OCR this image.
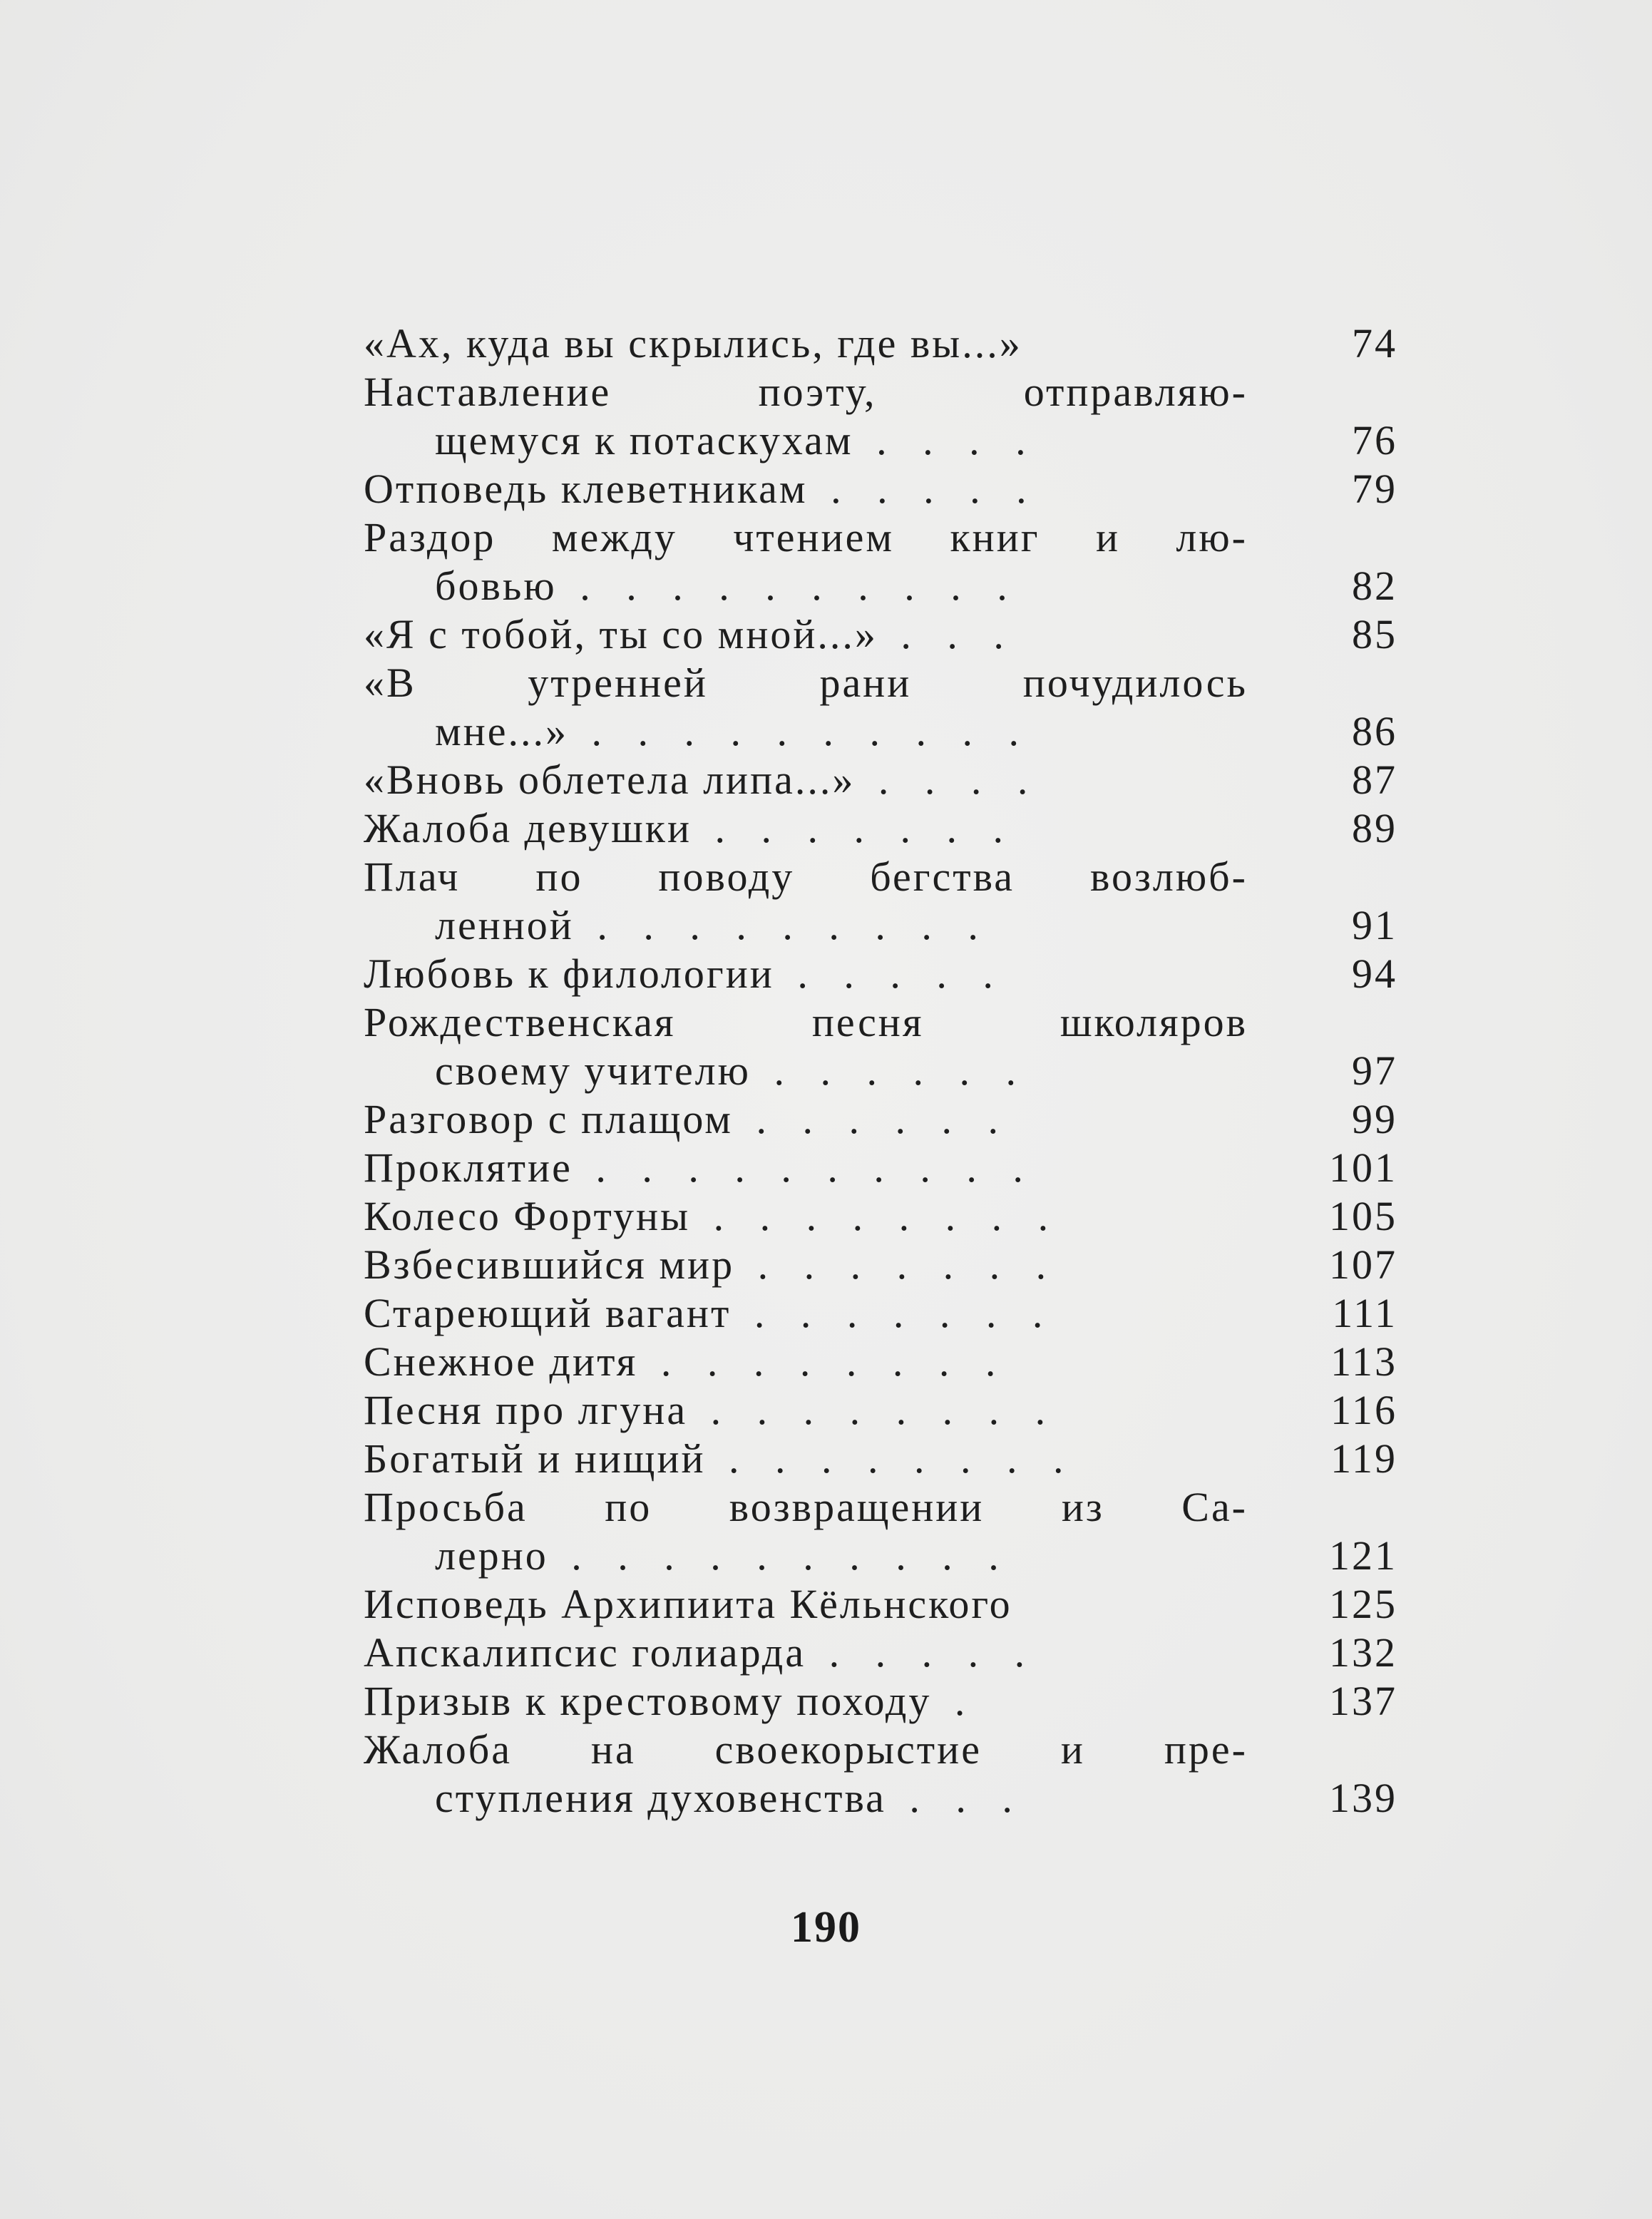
«Ах, куда вы скрылись, где вы...»	74
Наставление поэту, отправляю-
щемуся к потаскухам . . . .	76
Отповедь клеветникам . . . . .	79
Раздор между чтением книг и лю-
бовью . . . . . . . . . .	82
«Я с тобой, ты со мной...» . . .	85
«В утренней рани почудилось
мне...» . . . . . . . . . .	86
«Вновь облетела липа...» . . . .	87
Жалоба девушки . . . . . . .	89
Плач по поводу бегства возлюб-
ленной . . . . . . . . .	91
Любовь к филологии . . . . .	94
Рождественская песня школяров
своему учителю . . . . . .	97
Разговор с плащом . . . . . .	99
Проклятие . . . . . . . . . .	101
Колесо Фортуны . . . . . . . .	105
Взбесившийся мир . . . . . . .	107
Стареющий вагант . . . . . . .	111
Снежное дитя . . . . . . . .	113
Песня про лгуна . . . . . . . .	116
Богатый и нищий . . . . . . . .	119
Просьба по возвращении из Са-
лерно . . . . . . . . . .	121
Исповедь Архипиита Кёльнского	125
Апскалипсис голиарда . . . . .	132
Призыв к крестовому походу .	137
Жалоба на своекорыстие и пре-
ступления духовенства . . .	139
190
